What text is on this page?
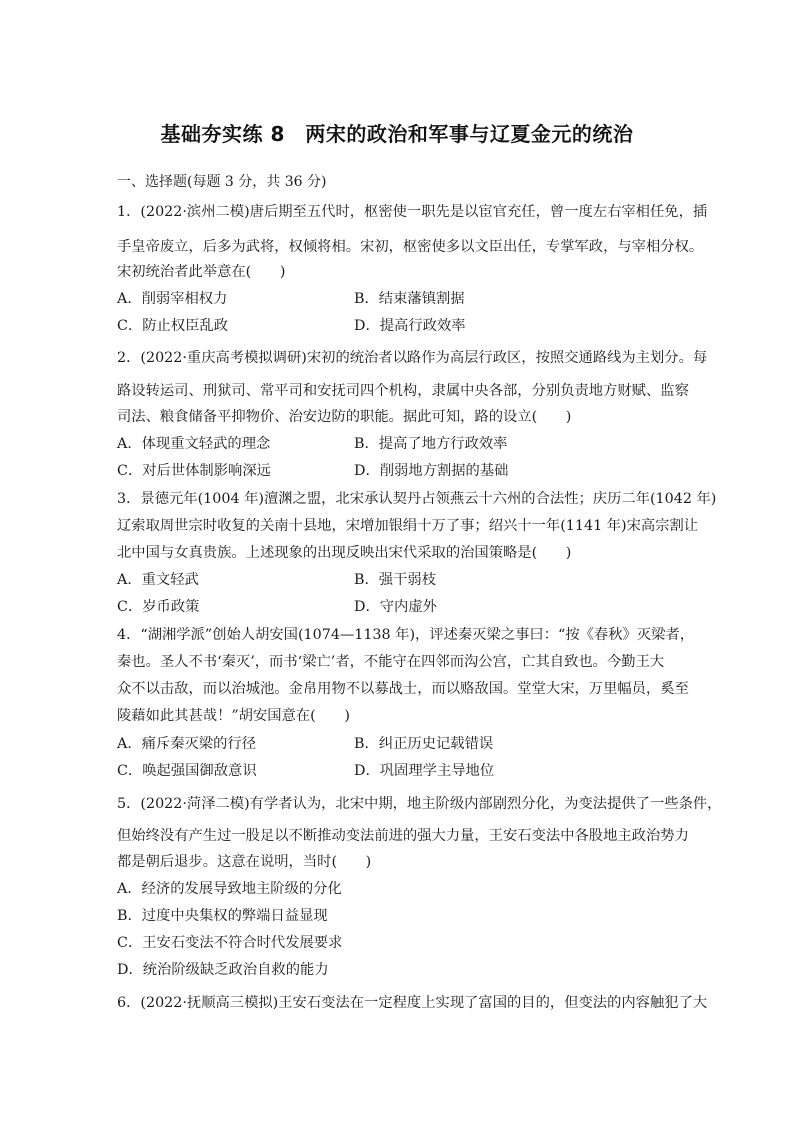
基础夯实练 8　两宋的政治和军事与辽夏金元的统治
一、选择题(每题 3 分，共 36 分)
1．(2022·滨州二模)唐后期至五代时，枢密使一职先是以宦官充任，曾一度左右宰相任免，插
手皇帝废立，后多为武将，权倾将相。宋初，枢密使多以文臣出任，专掌军政，与宰相分权。
宋初统治者此举意在(　　)
A．削弱宰相权力	B．结束藩镇割据
C．防止权臣乱政	D．提高行政效率
2．(2022·重庆高考模拟调研)宋初的统治者以路作为高层行政区，按照交通路线为主划分。每
路设转运司、刑狱司、常平司和安抚司四个机构，隶属中央各部，分别负责地方财赋、监察
司法、粮食储备平抑物价、治安边防的职能。据此可知，路的设立(　　)
A．体现重文轻武的理念	B．提高了地方行政效率
C．对后世体制影响深远	D．削弱地方割据的基础
3．景德元年(1004 年)澶渊之盟，北宋承认契丹占领燕云十六州的合法性；庆历二年(1042 年)
辽索取周世宗时收复的关南十县地，宋增加银绢十万了事；绍兴十一年(1141 年)宋高宗割让
北中国与女真贵族。上述现象的出现反映出宋代采取的治国策略是(　　)
A．重文轻武	B．强干弱枝
C．岁币政策	D．守内虚外
4．“湖湘学派”创始人胡安国(1074—1138 年)，评述秦灭梁之事曰：“按《春秋》灭梁者，
秦也。圣人不书‘秦灭’，而书‘梁亡’者，不能守在四邻而沟公宫，亡其自致也。今勤王大
众不以击敌，而以治城池。金帛用物不以募战士，而以赂敌国。堂堂大宋，万里幅员，奚至
陵藉如此其甚哉！”胡安国意在(　　)
A．痛斥秦灭梁的行径	B．纠正历史记载错误
C．唤起强国御敌意识	D．巩固理学主导地位
5．(2022·菏泽二模)有学者认为，北宋中期，地主阶级内部剧烈分化，为变法提供了一些条件，
但始终没有产生过一股足以不断推动变法前进的强大力量，王安石变法中各股地主政治势力
都是朝后退步。这意在说明，当时(　　)
A．经济的发展导致地主阶级的分化
B．过度中央集权的弊端日益显现
C．王安石变法不符合时代发展要求
D．统治阶级缺乏政治自救的能力
6．(2022·抚顺高三模拟)王安石变法在一定程度上实现了富国的目的，但变法的内容触犯了大
